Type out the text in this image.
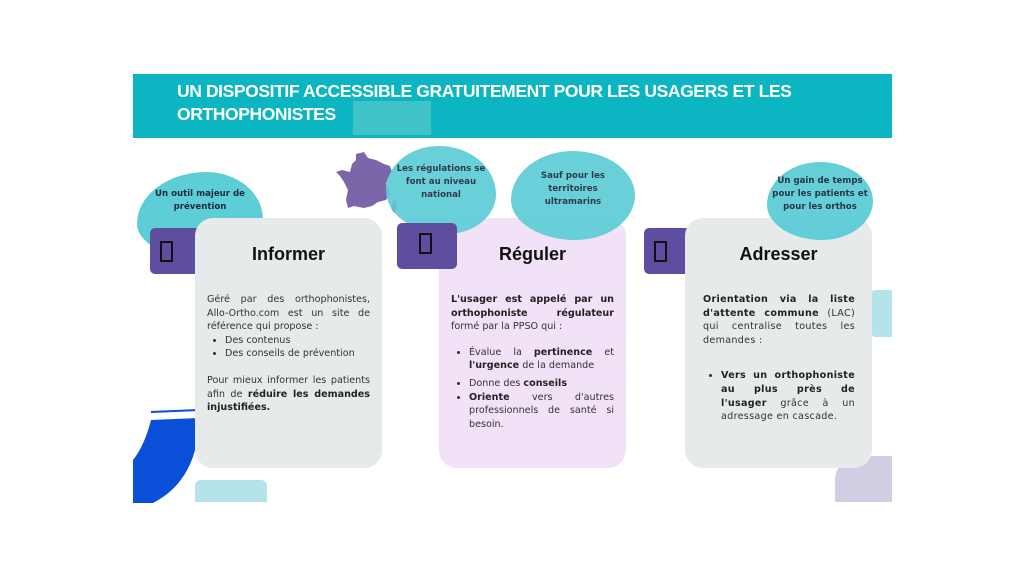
UN DISPOSITIF ACCESSIBLE GRATUITEMENT POUR LES USAGERS ET LES ORTHOPHONISTES
Un outil majeur de
prévention
Informer
Géré par des orthophonistes, Allo-Ortho.com est un site de référence qui propose :
• Des contenus
• Des conseils de prévention
Pour mieux informer les patients afin de réduire les demandes injustifiées.
Réguler
L'usager est appelé par un orthophoniste régulateur formé par la PPSO qui :
• Évalue la pertinence et l'urgence de la demande
• Donne des conseils
• Oriente vers d'autres professionnels de santé si besoin.
Les régulations se
font au niveau
national
Sauf pour les
territoires
ultramarins
Adresser
Orientation via la liste d'attente commune (LAC) qui centralise toutes les demandes :
• Vers un orthophoniste au plus près de l'usager grâce à un adressage en cascade.
Un gain de temps
pour les patients et
pour les orthos
